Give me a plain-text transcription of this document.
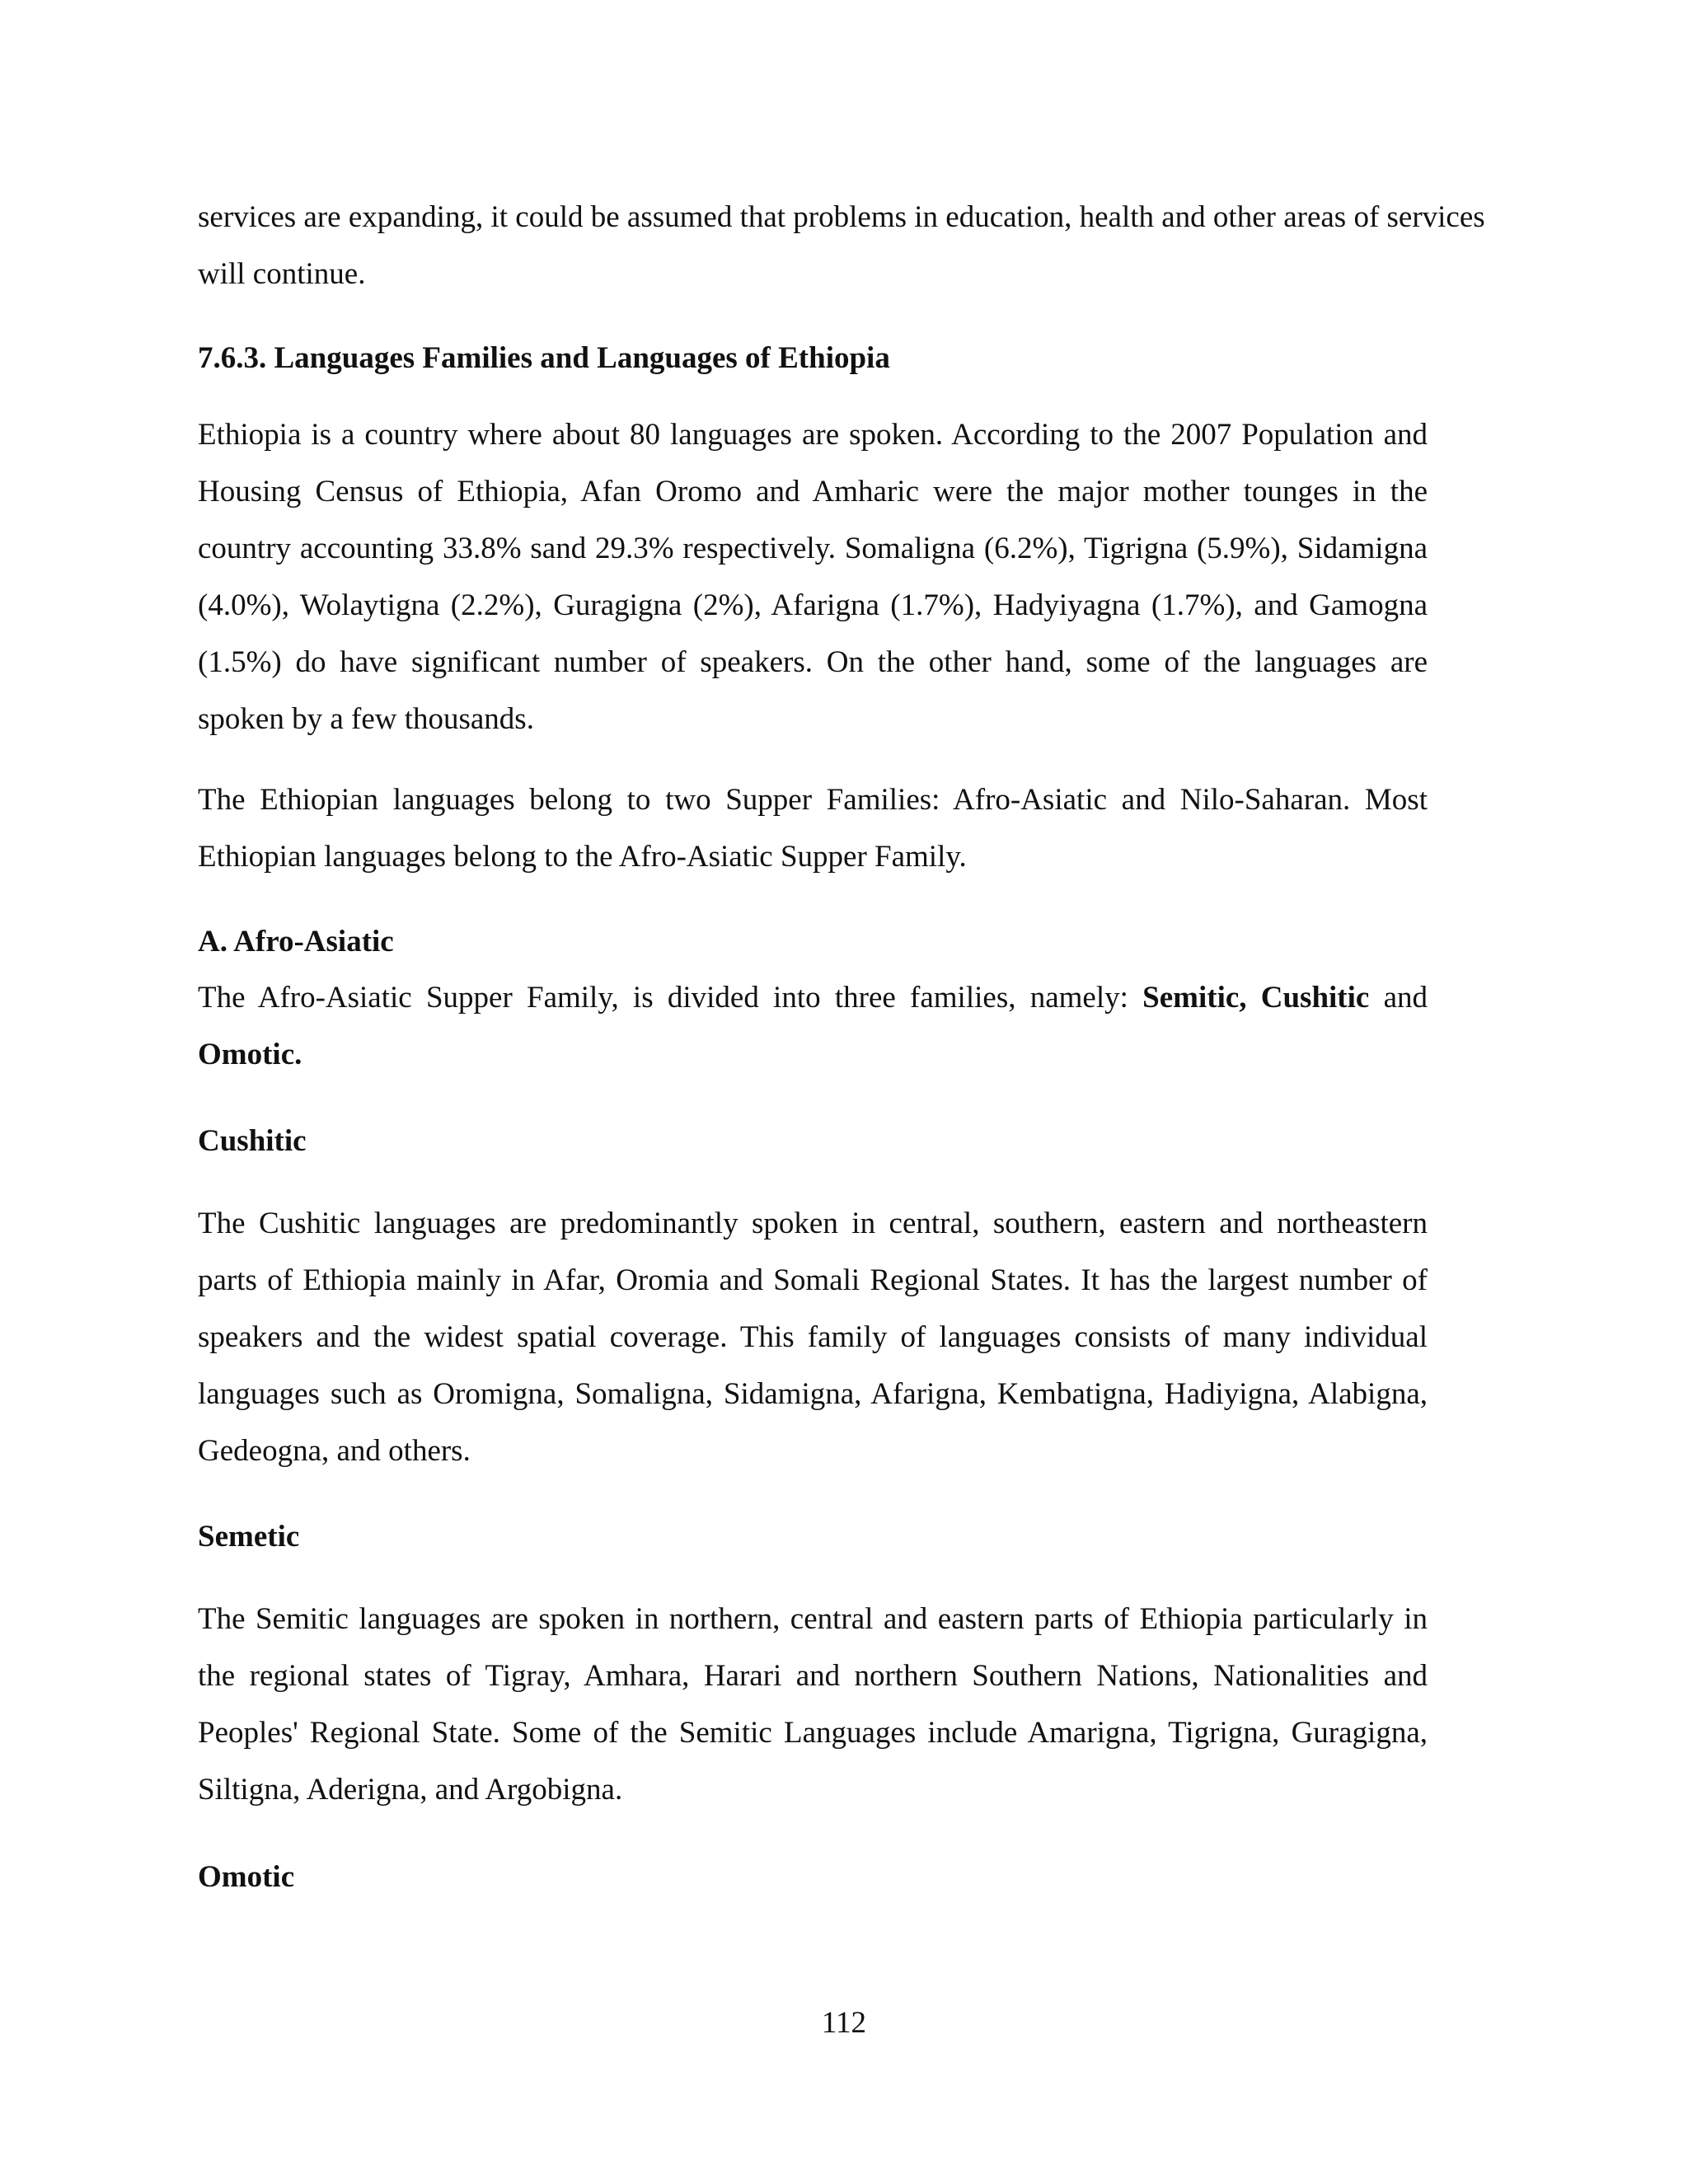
services are expanding, it could be assumed that problems in education, health and other areas of services will continue.

7.6.3. Languages Families and Languages of Ethiopia

Ethiopia is a country where about 80 languages are spoken. According to the 2007 Population and Housing Census of Ethiopia, Afan Oromo and Amharic were the major mother tounges in the country accounting 33.8% sand 29.3% respectively. Somaligna (6.2%), Tigrigna (5.9%), Sidamigna (4.0%), Wolaytigna (2.2%), Guragigna (2%), Afarigna (1.7%), Hadyiyagna (1.7%), and Gamogna (1.5%) do have significant number of speakers. On the other hand, some of the languages are spoken by a few thousands.

The Ethiopian languages belong to two Supper Families: Afro-Asiatic and Nilo-Saharan. Most Ethiopian languages belong to the Afro-Asiatic Supper Family.

A. Afro-Asiatic

The Afro-Asiatic Supper Family, is divided into three families, namely: Semitic, Cushitic and Omotic.

Cushitic

The Cushitic languages are predominantly spoken in central, southern, eastern and northeastern parts of Ethiopia mainly in Afar, Oromia and Somali Regional States. It has the largest number of speakers and the widest spatial coverage. This family of languages consists of many individual languages such as Oromigna, Somaligna, Sidamigna, Afarigna, Kembatigna, Hadiyigna, Alabigna, Gedeogna, and others.

Semetic

The Semitic languages are spoken in northern, central and eastern parts of Ethiopia particularly in the regional states of Tigray, Amhara, Harari and northern Southern Nations, Nationalities and Peoples' Regional State. Some of the Semitic Languages include Amarigna, Tigrigna, Guragigna, Siltigna, Aderigna, and Argobigna.

Omotic
112
